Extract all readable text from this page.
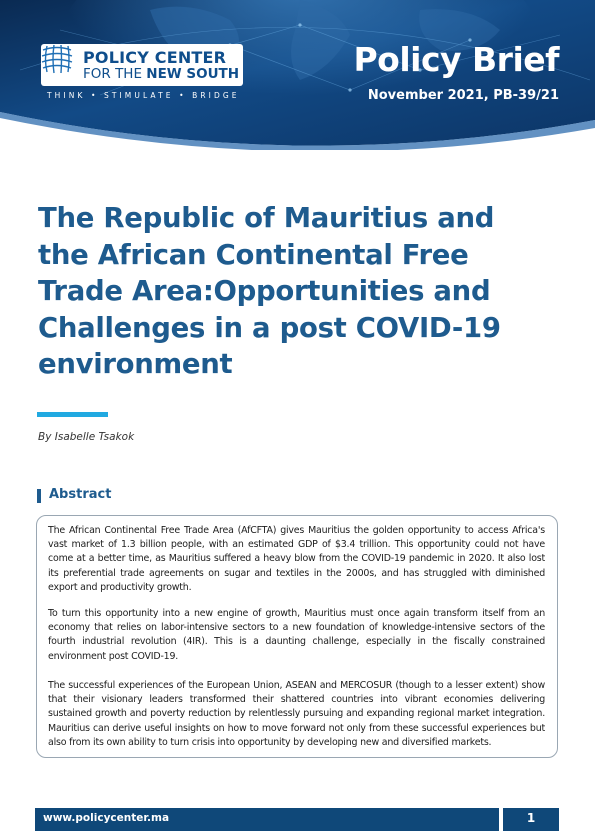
POLICY CENTER
FOR THE NEW SOUTH
THINK • STIMULATE • BRIDGE
Policy Brief
November 2021, PB-39/21
The Republic of Mauritius and
the African Continental Free
Trade Area:Opportunities and
Challenges in a post COVID-19
environment
By Isabelle Tsakok
Abstract

The African Continental Free Trade Area (AfCFTA) gives Mauritius the golden opportunity to access Africa's vast market of 1.3 billion people, with an estimated GDP of $3.4 trillion. This opportunity could not have come at a better time, as Mauritius suffered a heavy blow from the COVID-19 pandemic in 2020. It also lost its preferential trade agreements on sugar and textiles in the 2000s, and has struggled with diminished export and productivity growth.

To turn this opportunity into a new engine of growth, Mauritius must once again transform itself from an economy that relies on labor-intensive sectors to a new foundation of knowledge-intensive sectors of the fourth industrial revolution (4IR). This is a daunting challenge, especially in the fiscally constrained environment post COVID-19.

The successful experiences of the European Union, ASEAN and MERCOSUR (though to a lesser extent) show that their visionary leaders transformed their shattered countries into vibrant economies delivering sustained growth and poverty reduction by relentlessly pursuing and expanding regional market integration. Mauritius can derive useful insights on how to move forward not only from these successful experiences but also from its own ability to turn crisis into opportunity by developing new and diversified markets.

www.policycenter.ma	1
